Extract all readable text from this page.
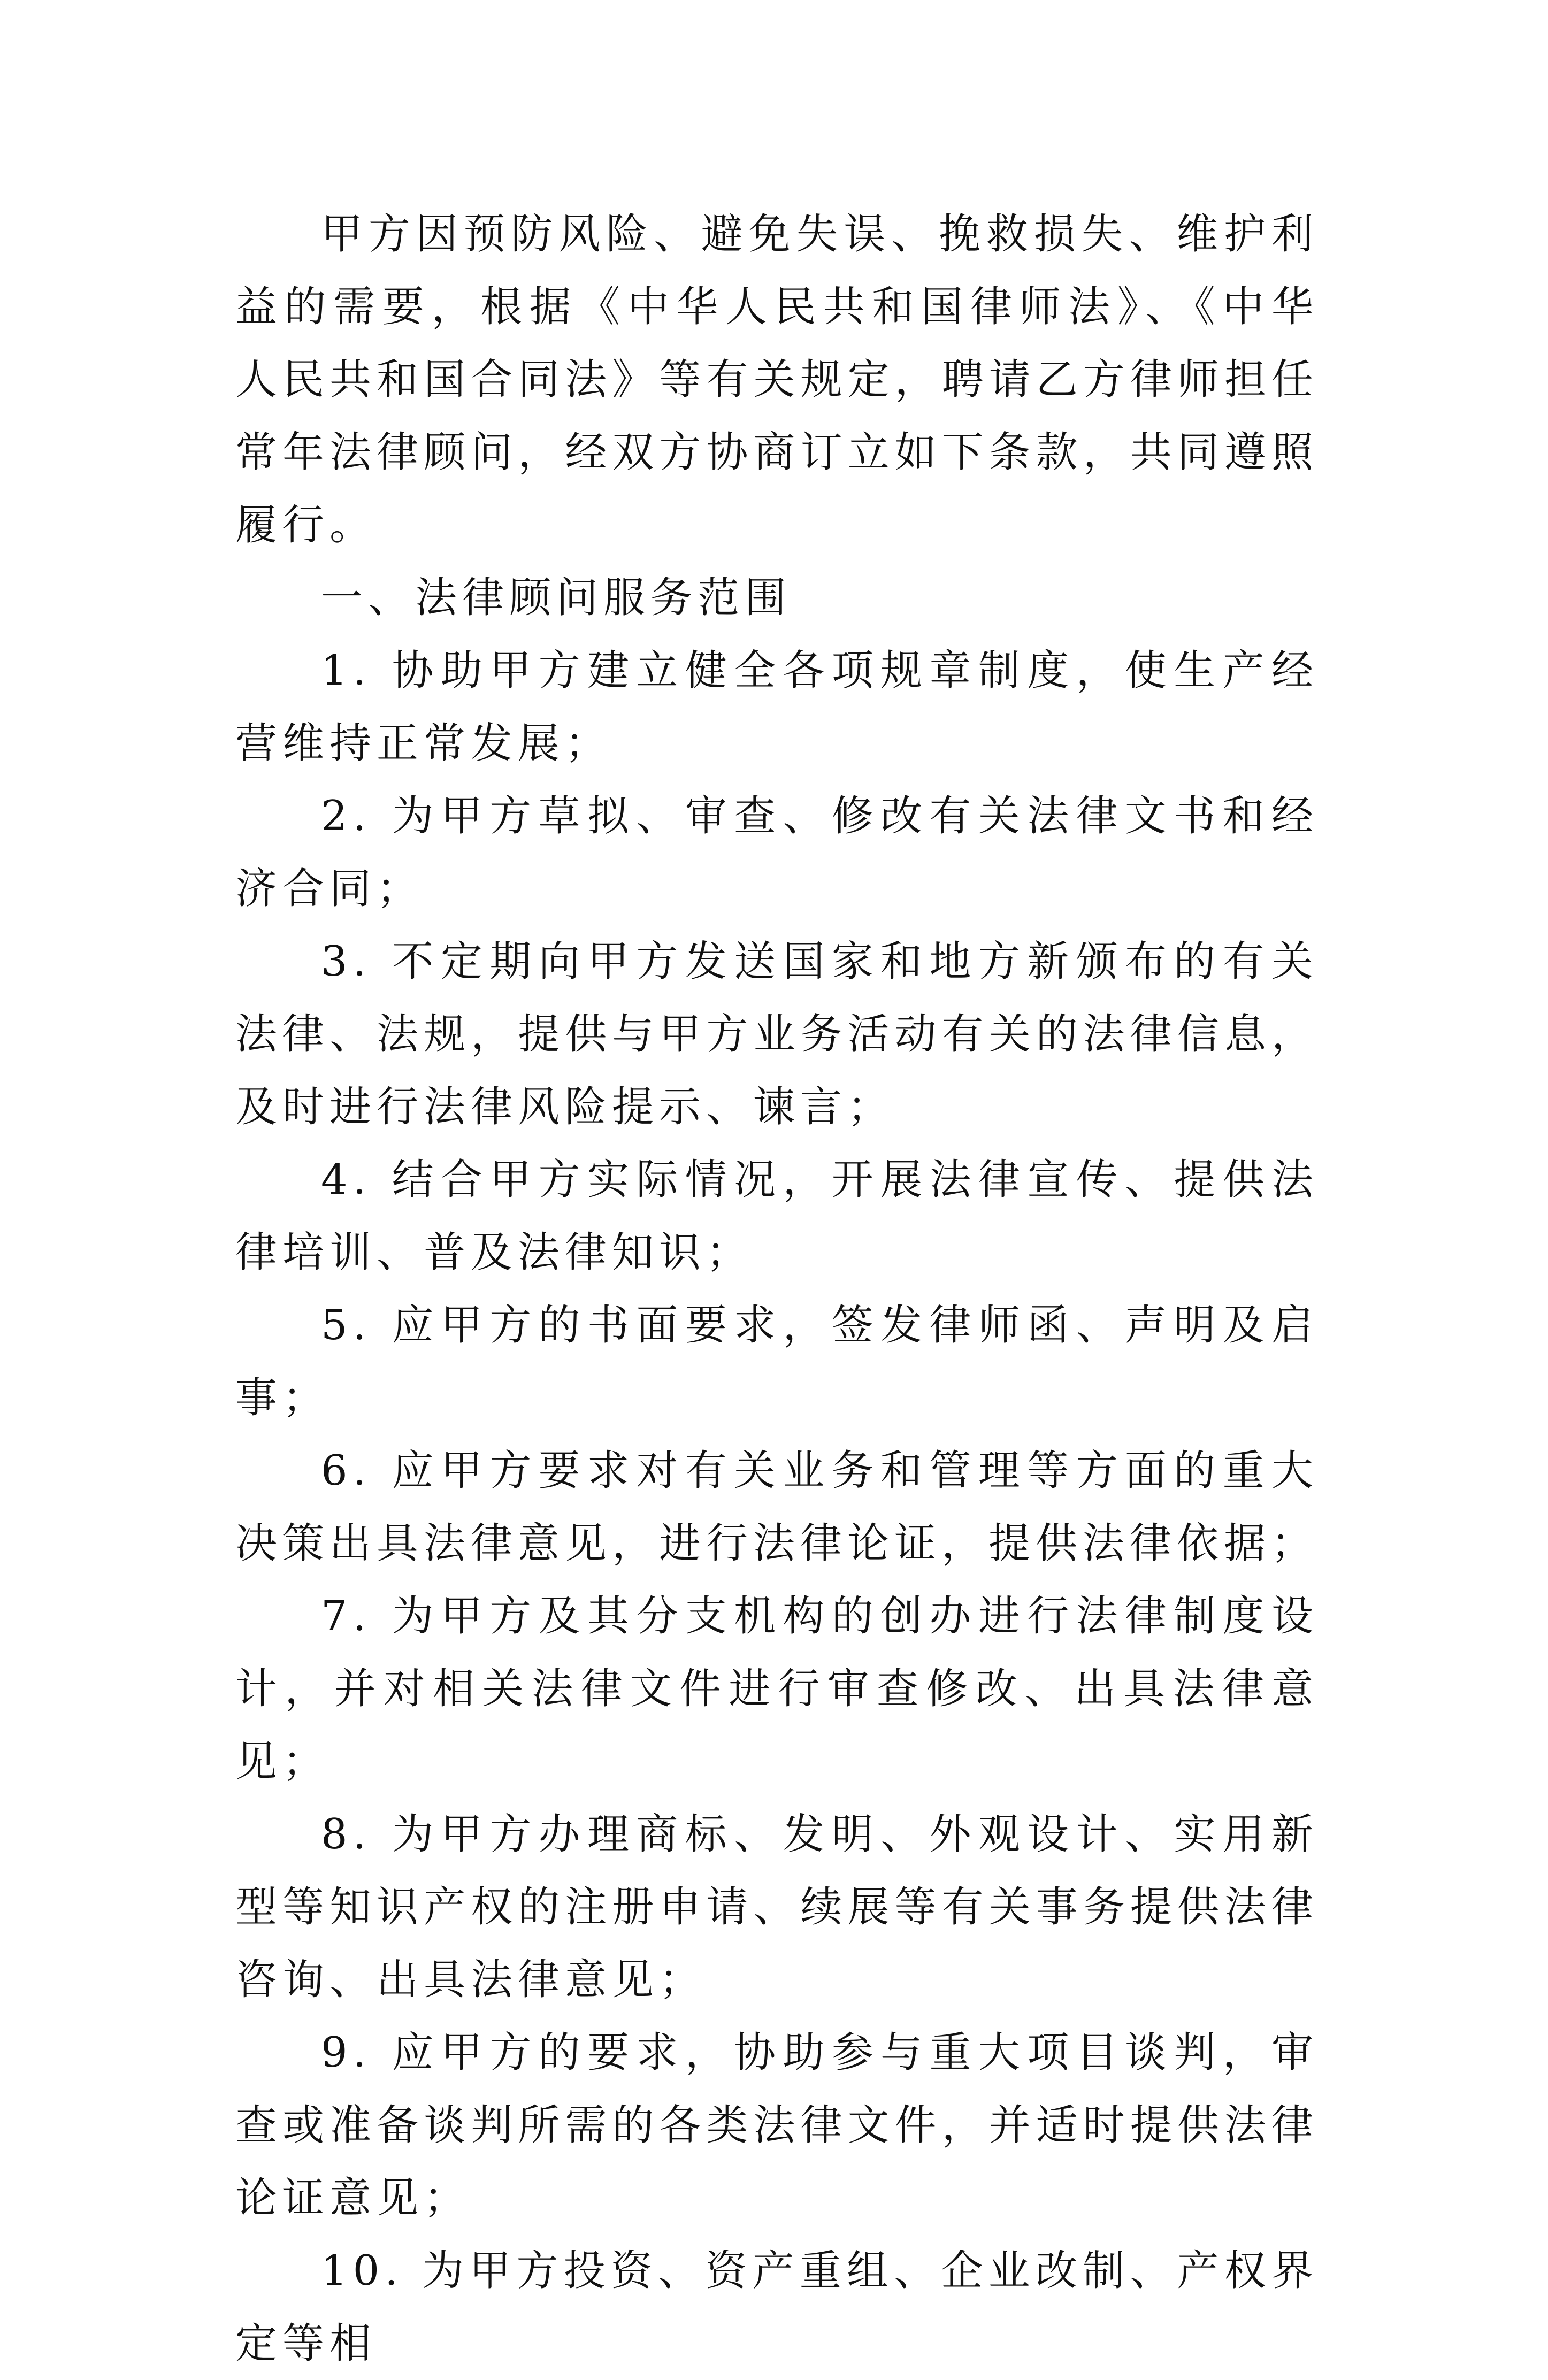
甲方因预防风险、避免失误、挽救损失、维护利益的需要，根据《中华人民共和国律师法》、《中华人民共和国合同法》等有关规定，聘请乙方律师担任常年法律顾问，经双方协商订立如下条款，共同遵照履行。

一、法律顾问服务范围

1. 协助甲方建立健全各项规章制度，使生产经营维持正常发展；

2. 为甲方草拟、审查、修改有关法律文书和经济合同；

3. 不定期向甲方发送国家和地方新颁布的有关法律、法规，提供与甲方业务活动有关的法律信息，及时进行法律风险提示、谏言；

4. 结合甲方实际情况，开展法律宣传、提供法律培训、普及法律知识；

5. 应甲方的书面要求，签发律师函、声明及启事；

6. 应甲方要求对有关业务和管理等方面的重大决策出具法律意见，进行法律论证，提供法律依据；

7. 为甲方及其分支机构的创办进行法律制度设计，并对相关法律文件进行审查修改、出具法律意见；

8. 为甲方办理商标、发明、外观设计、实用新型等知识产权的注册申请、续展等有关事务提供法律咨询、出具法律意见；

9. 应甲方的要求，协助参与重大项目谈判，审查或准备谈判所需的各类法律文件，并适时提供法律论证意见；

10. 为甲方投资、资产重组、企业改制、产权界定等相
